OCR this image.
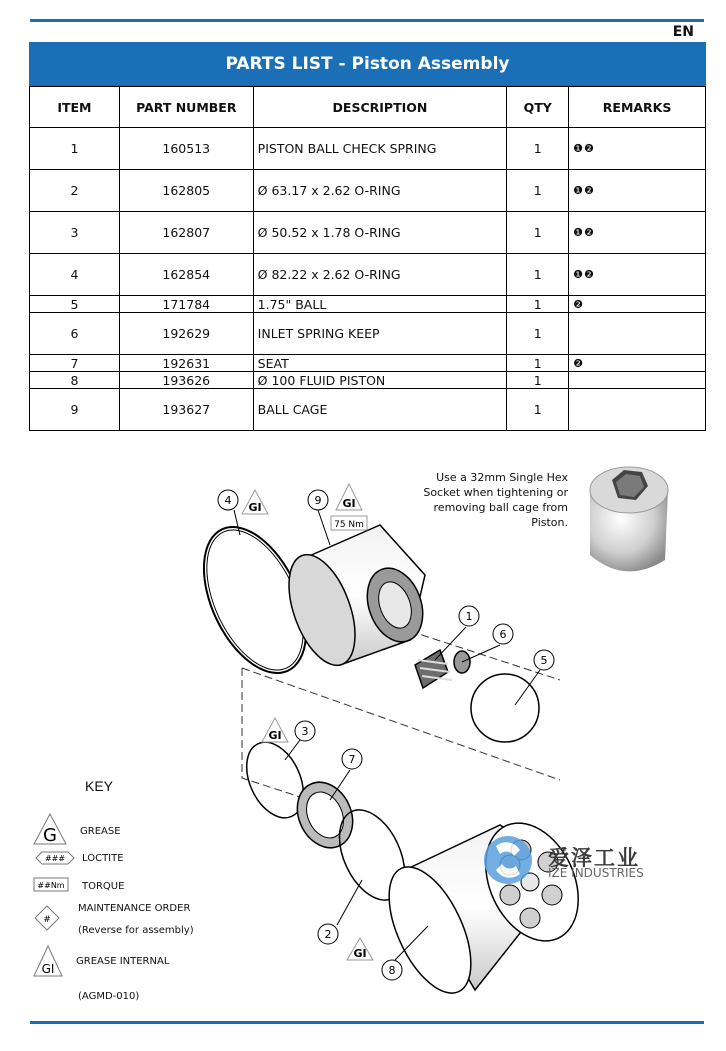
EN
PARTS LIST - Piston Assembly
ITEM	PART NUMBER	DESCRIPTION	QTY	REMARKS
1	160513	PISTON BALL CHECK SPRING	1	❶❷
2	162805	Ø 63.17 x 2.62 O-RING	1	❶❷
3	162807	Ø 50.52 x 1.78 O-RING	1	❶❷
4	162854	Ø 82.22 x 2.62 O-RING	1	❶❷
5	171784	1.75" BALL	1	❷
6	192629	INLET SPRING KEEP	1	
7	192631	SEAT	1	❷
8	193626	Ø 100 FLUID PISTON	1	
9	193627	BALL CAGE	1	
4	9
1
6
5
3
7
2
8
GI	GI
GI
GI
75 Nm
Use a 32mm Single Hex Socket when tightening or removing ball cage from Piston.
爱泽工业
IZE INDUSTRIES
KEY
G
###
##Nm
#
GI
GREASE
LOCTITE
TORQUE
MAINTENANCE ORDER
(Reverse for assembly)
GREASE INTERNAL
(AGMD-010)
